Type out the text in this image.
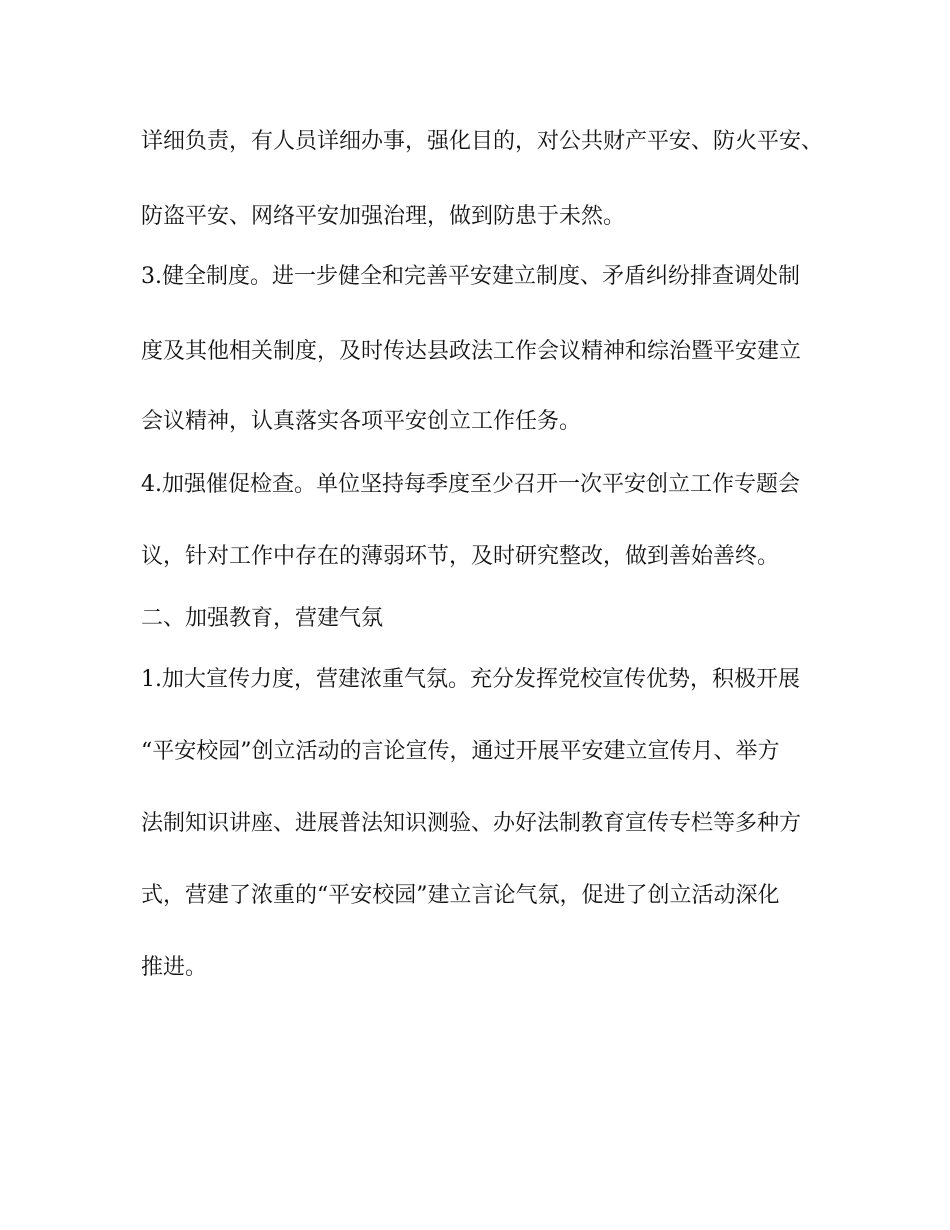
详细负责，有人员详细办事，强化目的，对公共财产平安、防火平安、
防盗平安、网络平安加强治理，做到防患于未然。
3.健全制度。进一步健全和完善平安建立制度、矛盾纠纷排查调处制
度及其他相关制度，及时传达县政法工作会议精神和综治暨平安建立
会议精神，认真落实各项平安创立工作任务。
4.加强催促检查。单位坚持每季度至少召开一次平安创立工作专题会
议，针对工作中存在的薄弱环节，及时研究整改，做到善始善终。
二、加强教育，营建气氛
1.加大宣传力度，营建浓重气氛。充分发挥党校宣传优势，积极开展
“平安校园”创立活动的言论宣传，通过开展平安建立宣传月、举方
法制知识讲座、进展普法知识测验、办好法制教育宣传专栏等多种方
式，营建了浓重的“平安校园”建立言论气氛，促进了创立活动深化
推进。
